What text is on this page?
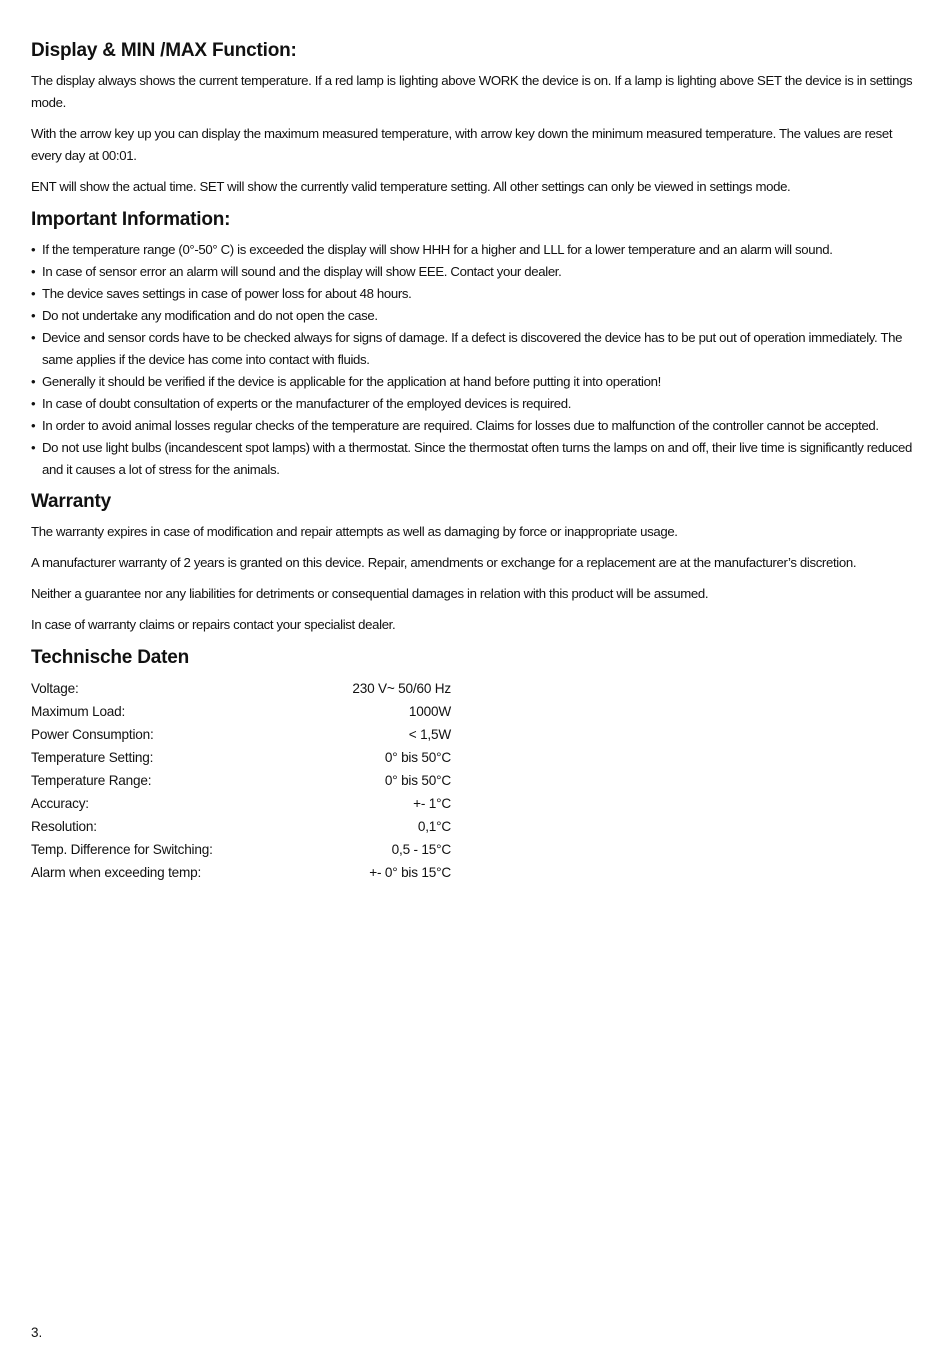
Display & MIN /MAX Function:

The display always shows the current temperature. If a red lamp is lighting above WORK the device is on. If a lamp is lighting above SET the device is in settings mode.

With the arrow key up you can display the maximum measured temperature, with arrow key down the minimum measured temperature. The values are reset every day at 00:01.

ENT will show the actual time. SET will show the currently valid temperature setting. All other settings can only be viewed in settings mode.

Important Information:
• If the temperature range (0°-50° C) is exceeded the display will show HHH for a higher and LLL for a lower temperature and an alarm will sound.
• In case of sensor error an alarm will sound and the display will show EEE. Contact your dealer.
• The device saves settings in case of power loss for about 48 hours.
• Do not undertake any modification and do not open the case.
• Device and sensor cords have to be checked always for signs of damage. If a defect is discovered the device has to be put out of operation immediately. The same applies if the device has come into contact with fluids.
• Generally it should be verified if the device is applicable for the application at hand before putting it into operation!
• In case of doubt consultation of experts or the manufacturer of the employed devices is required.
• In order to avoid animal losses regular checks of the temperature are required. Claims for losses due to malfunction of the controller cannot be accepted.
• Do not use light bulbs (incandescent spot lamps) with a thermostat. Since the thermostat often turns the lamps on and off, their live time is significantly reduced and it causes a lot of stress for the animals.
Warranty

The warranty expires in case of modification and repair attempts as well as damaging by force or inappropriate usage.

A manufacturer warranty of 2 years is granted on this device. Repair, amendments or exchange for a replacement are at the manufacturer’s discretion.

Neither a guarantee nor any liabilities for detriments or consequential damages in relation with this product will be assumed.

In case of warranty claims or repairs contact your specialist dealer.

Technische Daten
Voltage:	230 V~ 50/60 Hz
Maximum Load:	1000W
Power Consumption:	< 1,5W
Temperature Setting:	0° bis 50°C
Temperature Range:	0° bis 50°C
Accuracy:	+- 1°C
Resolution:	0,1°C
Temp. Difference for Switching:	0,5 - 15°C
Alarm when exceeding temp:	+- 0° bis 15°C
3.
